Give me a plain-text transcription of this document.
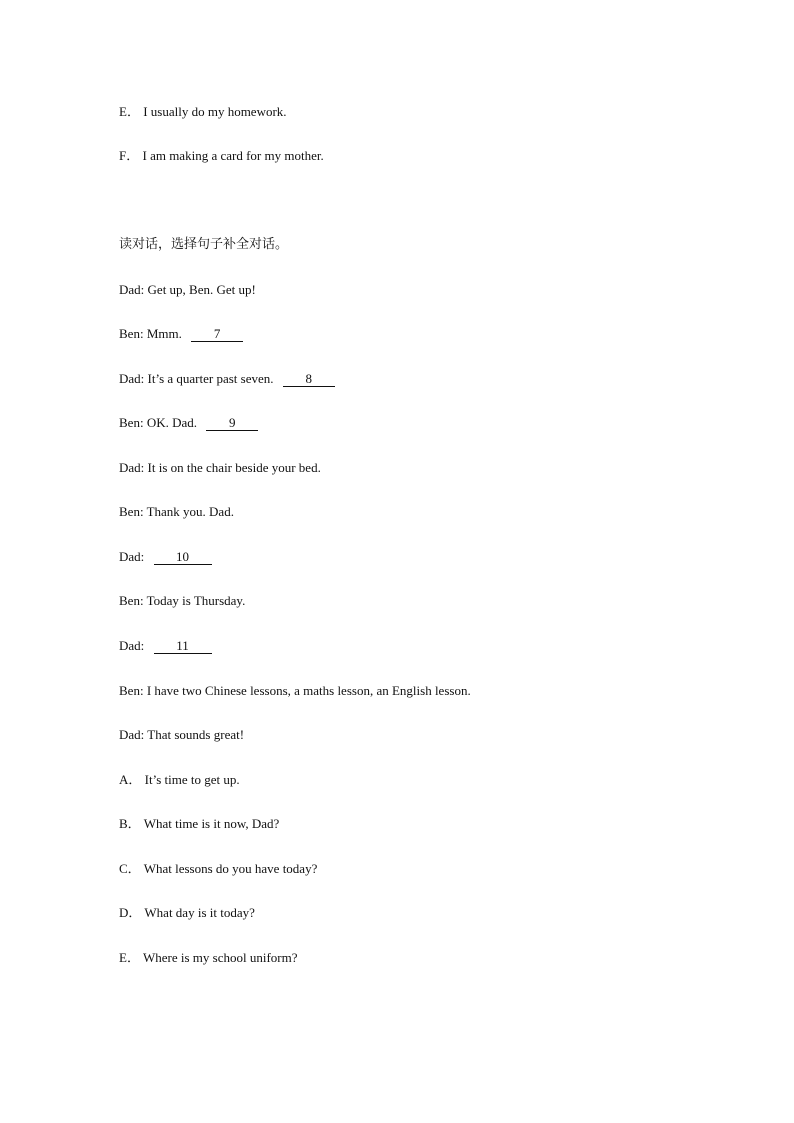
E． I usually do my homework.
F． I am making a card for my mother.
读对话，选择句子补全对话。
Dad: Get up, Ben. Get up!
Ben: Mmm. 7
Dad: It’s a quarter past seven. 8
Ben: OK. Dad. 9
Dad: It is on the chair beside your bed.
Ben: Thank you. Dad.
Dad: 10
Ben: Today is Thursday.
Dad: 11
Ben: I have two Chinese lessons, a maths lesson, an English lesson.
Dad: That sounds great!
A． It’s time to get up.
B． What time is it now, Dad?
C． What lessons do you have today?
D． What day is it today?
E． Where is my school uniform?
